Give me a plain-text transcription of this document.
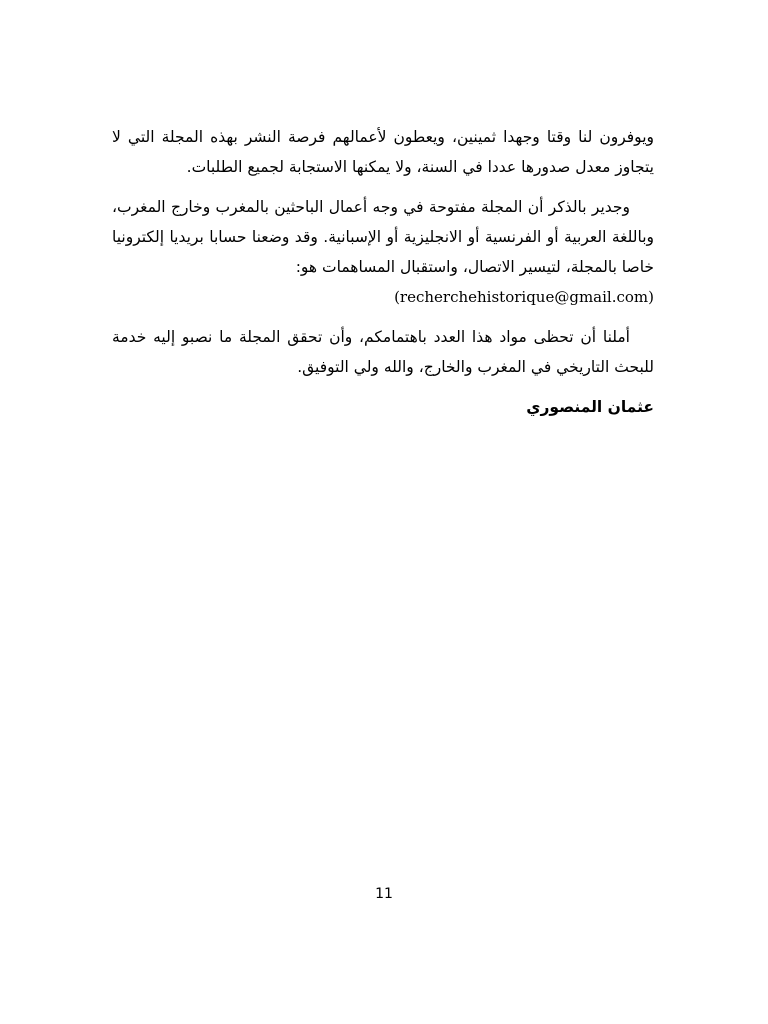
ويوفرون لنا وقتا وجهدا ثمينين، ويعطون لأعمالهم فرصة النشر بهذه المجلة التي لا يتجاوز معدل صدورها عددا في السنة، ولا يمكنها الاستجابة لجميع الطلبات.

وجدير بالذكر أن المجلة مفتوحة في وجه أعمال الباحثين بالمغرب وخارج المغرب، وباللغة العربية أو الفرنسية أو الانجليزية أو الإسبانية. وقد وضعنا حسابا بريديا إلكترونيا خاصا بالمجلة، لتيسير الاتصال، واستقبال المساهمات هو:
(recherchehistorique@gmail.com)

أملنا أن تحظى مواد هذا العدد باهتمامكم، وأن تحقق المجلة ما نصبو إليه خدمة للبحث التاريخي في المغرب والخارج، والله ولي التوفيق.

عثمان المنصوري

11
